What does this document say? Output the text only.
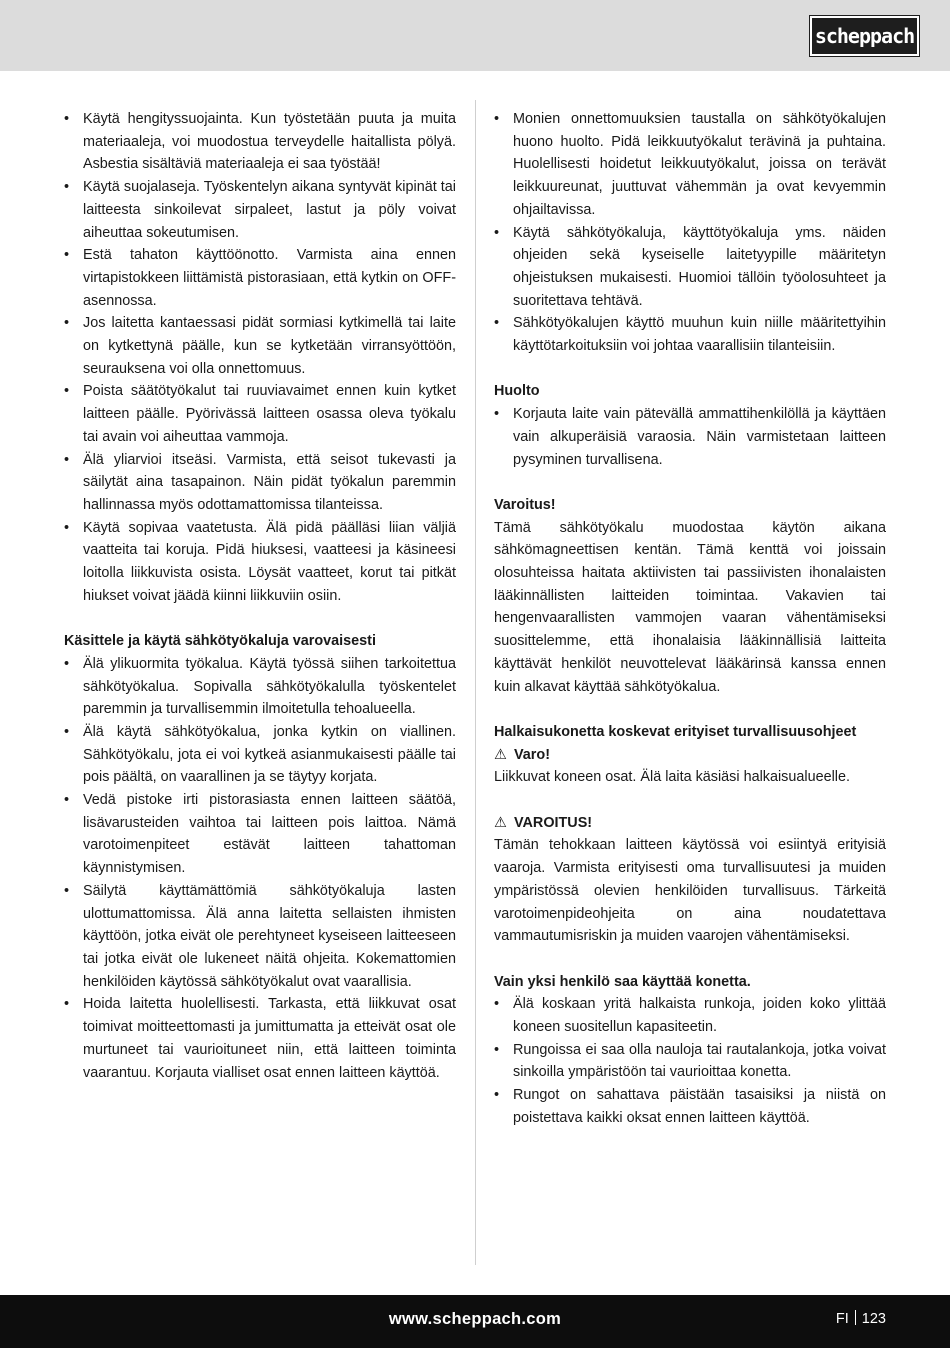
scheppach
• Käytä hengityssuojainta. Kun työstetään puuta ja muita materiaaleja, voi muodostua terveydelle haitallista pölyä. Asbestia sisältäviä materiaaleja ei saa työstää!
• Käytä suojalaseja. Työskentelyn aikana syntyvät kipinät tai laitteesta sinkoilevat sirpaleet, lastut ja pöly voivat aiheuttaa sokeutumisen.
• Estä tahaton käyttöönotto. Varmista aina ennen virtapistokkeen liittämistä pistorasiaan, että kytkin on OFF-asennossa.
• Jos laitetta kantaessasi pidät sormiasi kytkimellä tai laite on kytkettynä päälle, kun se kytketään virransyöttöön, seurauksena voi olla onnettomuus.
• Poista säätötyökalut tai ruuviavaimet ennen kuin kytket laitteen päälle. Pyörivässä laitteen osassa oleva työkalu tai avain voi aiheuttaa vammoja.
• Älä yliarvioi itseäsi. Varmista, että seisot tukevasti ja säilytät aina tasapainon. Näin pidät työkalun paremmin hallinnassa myös odottamattomissa tilanteissa.
• Käytä sopivaa vaatetusta. Älä pidä päälläsi liian väljiä vaatteita tai koruja. Pidä hiuksesi, vaatteesi ja käsineesi loitolla liikkuvista osista. Löysät vaatteet, korut tai pitkät hiukset voivat jäädä kiinni liikkuviin osiin.
Käsittele ja käytä sähkötyökaluja varovaisesti
• Älä ylikuormita työkalua. Käytä työssä siihen tarkoitettua sähkötyökalua. Sopivalla sähkötyökalulla työskentelet paremmin ja turvallisemmin ilmoitetulla tehoalueella.
• Älä käytä sähkötyökalua, jonka kytkin on viallinen. Sähkötyökalu, jota ei voi kytkeä asianmukaisesti päälle tai pois päältä, on vaarallinen ja se täytyy korjata.
• Vedä pistoke irti pistorasiasta ennen laitteen säätöä, lisävarusteiden vaihtoa tai laitteen pois laittoa. Nämä varotoimenpiteet estävät laitteen tahattoman käynnistymisen.
• Säilytä käyttämättömiä sähkötyökaluja lasten ulottumattomissa. Älä anna laitetta sellaisten ihmisten käyttöön, jotka eivät ole perehtyneet kyseiseen laitteeseen tai jotka eivät ole lukeneet näitä ohjeita. Kokemattomien henkilöiden käytössä sähkötyökalut ovat vaarallisia.
• Hoida laitetta huolellisesti. Tarkasta, että liikkuvat osat toimivat moitteettomasti ja jumittumatta ja etteivät osat ole murtuneet tai vaurioituneet niin, että laitteen toiminta vaarantuu. Korjauta vialliset osat ennen laitteen käyttöä.
• Monien onnettomuuksien taustalla on sähkötyökalujen huono huolto. Pidä leikkuutyökalut terävinä ja puhtaina. Huolellisesti hoidetut leikkuutyökalut, joissa on terävät leikkuureunat, juuttuvat vähemmän ja ovat kevyemmin ohjailtavissa.
• Käytä sähkötyökaluja, käyttötyökaluja yms. näiden ohjeiden sekä kyseiselle laitetyypille määritetyn ohjeistuksen mukaisesti. Huomioi tällöin työolosuhteet ja suoritettava tehtävä.
• Sähkötyökalujen käyttö muuhun kuin niille määritettyihin käyttötarkoituksiin voi johtaa vaarallisiin tilanteisiin.
Huolto
• Korjauta laite vain pätevällä ammattihenkilöllä ja käyttäen vain alkuperäisiä varaosia. Näin varmistetaan laitteen pysyminen turvallisena.
Varoitus!

Tämä sähkötyökalu muodostaa käytön aikana sähkömagneettisen kentän. Tämä kenttä voi joissain olosuhteissa haitata aktiivisten tai passiivisten ihonalaisten lääkinnällisten laitteiden toimintaa. Vakavien tai hengenvaarallisten vammojen vaaran vähentämiseksi suosittelemme, että ihonalaisia lääkinnällisiä laitteita käyttävät henkilöt neuvottelevat lääkärinsä kanssa ennen kuin alkavat käyttää sähkötyökalua.

Halkaisukonetta koskevat erityiset turvallisuusohjeet
⚠ Varo!

Liikkuvat koneen osat. Älä laita käsiäsi halkaisualueelle.

⚠ VAROITUS!

Tämän tehokkaan laitteen käytössä voi esiintyä erityisiä vaaroja. Varmista erityisesti oma turvallisuutesi ja muiden ympäristössä olevien henkilöiden turvallisuus. Tärkeitä varotoimenpideohjeita on aina noudatettava vammautumisriskin ja muiden vaarojen vähentämiseksi.

Vain yksi henkilö saa käyttää konetta.
• Älä koskaan yritä halkaista runkoja, joiden koko ylittää koneen suositellun kapasiteetin.
• Rungoissa ei saa olla nauloja tai rautalankoja, jotka voivat sinkoilla ympäristöön tai vaurioittaa konetta.
• Rungot on sahattava päistään tasaisiksi ja niistä on poistettava kaikki oksat ennen laitteen käyttöä.
www.scheppach.com	FI 123
